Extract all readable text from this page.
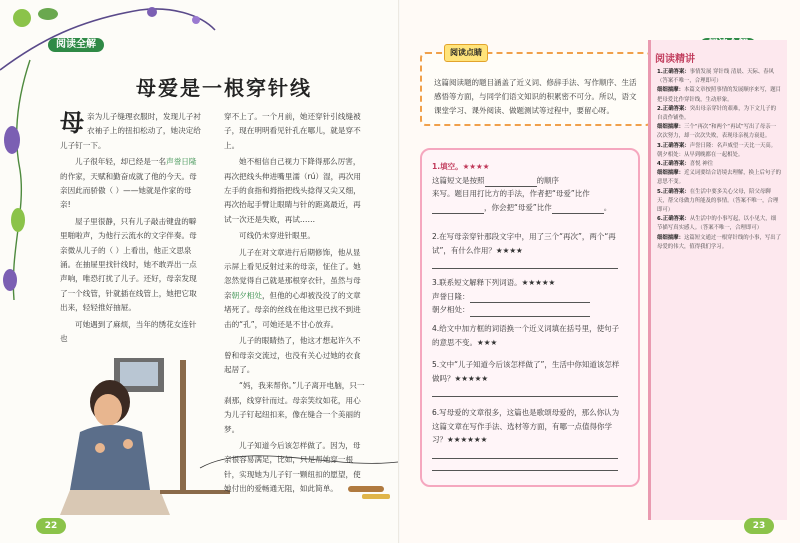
阅读全解
母爱是一根穿针线

母亲为儿子缝理衣服时，发现儿子衬衣袖子上的扭扣松动了，她决定给儿子钉一下。

儿子很年轻，却已经是一名声誉日隆的作家，天赋和勤奋成就了他的今天。母亲因此而骄傲（ ）——她就是作家的母亲!

屋子里很静，只有儿子敲击键盘的噼里啪啦声，为他行云流水的文字伴奏。母亲微从儿子的（ ）上看出，他正文思泉涌。在抽屉里找针线时，她不敢弄出一点声响，唯恐打扰了儿子。还好，母亲发现了一个线管，针就插在线管上，她把它取出来，轻轻推好抽屉。

可她遇到了麻烦，当年的绣花女连针也

穿不上了。一个月前，她还穿针引线缝被子，现在明明看见针孔在哪儿，就是穿不上。

她不相信自己视力下降得那么厉害，再次把线头伸进嘴里濡（rú）湿，再次用左手的食指和拇指把线头捻得又尖又细，再次抬起手臂让眼睛与针的距离最近，再试一次还是失败，再试……

可线仍未穿进针眼里。

儿子在对文章进行后期修饰，他从显示屏上看见反射过来的母亲，怔住了。她忽然觉得自己就是那根穿衣针，虽然与母亲朝夕相处，但他的心却被没没了的文章堵死了。母亲的丝线在他这里已找不到进击的“孔”，可她还是不甘心放弃。

儿子的眼睛热了，他这才想起许久不曾和母亲交流过，也没有关心过她的衣食起居了。

“妈，我来帮你。”儿子离开电脑，只一刹那，线穿针而过。母亲笑纹如花，用心为儿子钉起纽扣来，像在缝合一个美丽的梦。

儿子知道今后该怎样做了。因为，母亲很容易满足，比如，只是帮她穿一根针，实现她为儿子钉一颗纽扣的愿望，使她付出的爱畅通无阻，如此简单。

22
阅读点睛
这篇阅读题的题目涵盖了近义词、修辞手法、写作顺序、生活感悟等方面，与同学们语文知识的积累密不可分。所以，语文课堂学习、课外阅读、做题测试等过程中，要留心呀。
1.填空。★★★★
这篇短文是按照	的顺序
来写。题目用打比方的手法，作者把“母爱”比作
，你会把“母爱”比作	。
2.在写母亲穿针那段文字中，用了三个“再次”，两个“再试”，有什么作用？★★★★
3.联系短文解释下列词语。★★★★★
声誉日隆：
朝夕相处：
4.给文中加方框的词语换一个近义词填在括号里，使句子的意思不变。★★★
5.文中“儿子知道今后该怎样做了”，生活中你知道该怎样做吗？★★★★★
6.写母爱的文章很多，这篇也是歌颂母爱的，那么你认为这篇文章在写作手法、选材等方面，有哪一点值得你学习？★★★★★★
阅读精讲
1.正确答案：事情发展 穿针线 清晨、天际、春风（答案不唯一，合理即可）
细细揣摩：本篇文章按照事情的发展顺序来写，题目把母爱比作穿针线，生动形象。
2.正确答案：突出母亲穿针的艰难，为下文儿子的自责作铺垫。
细细揣摩：三个“再次”和两个“再试”写出了母亲一次次努力，却一次次失败，表现母亲视力衰退。
3.正确答案：声誉日隆：名声威望一天比一天高。朝夕相处：从早到晚都在一起相处。
4.正确答案：喜悦 神往
细细揣摩：近义词要结合语境去理解，换上后句子的意思不变。
5.正确答案：在生活中要多关心父母，陪父母聊天，帮父母做力所能及的事情。（答案不唯一，合理即可）
6.正确答案：从生活中的小事写起，以小见大，细节描写真实感人。（答案不唯一，合理即可）
细细揣摩：这篇短文通过一根穿针线的小事，写出了母爱的伟大，值得我们学习。
23
